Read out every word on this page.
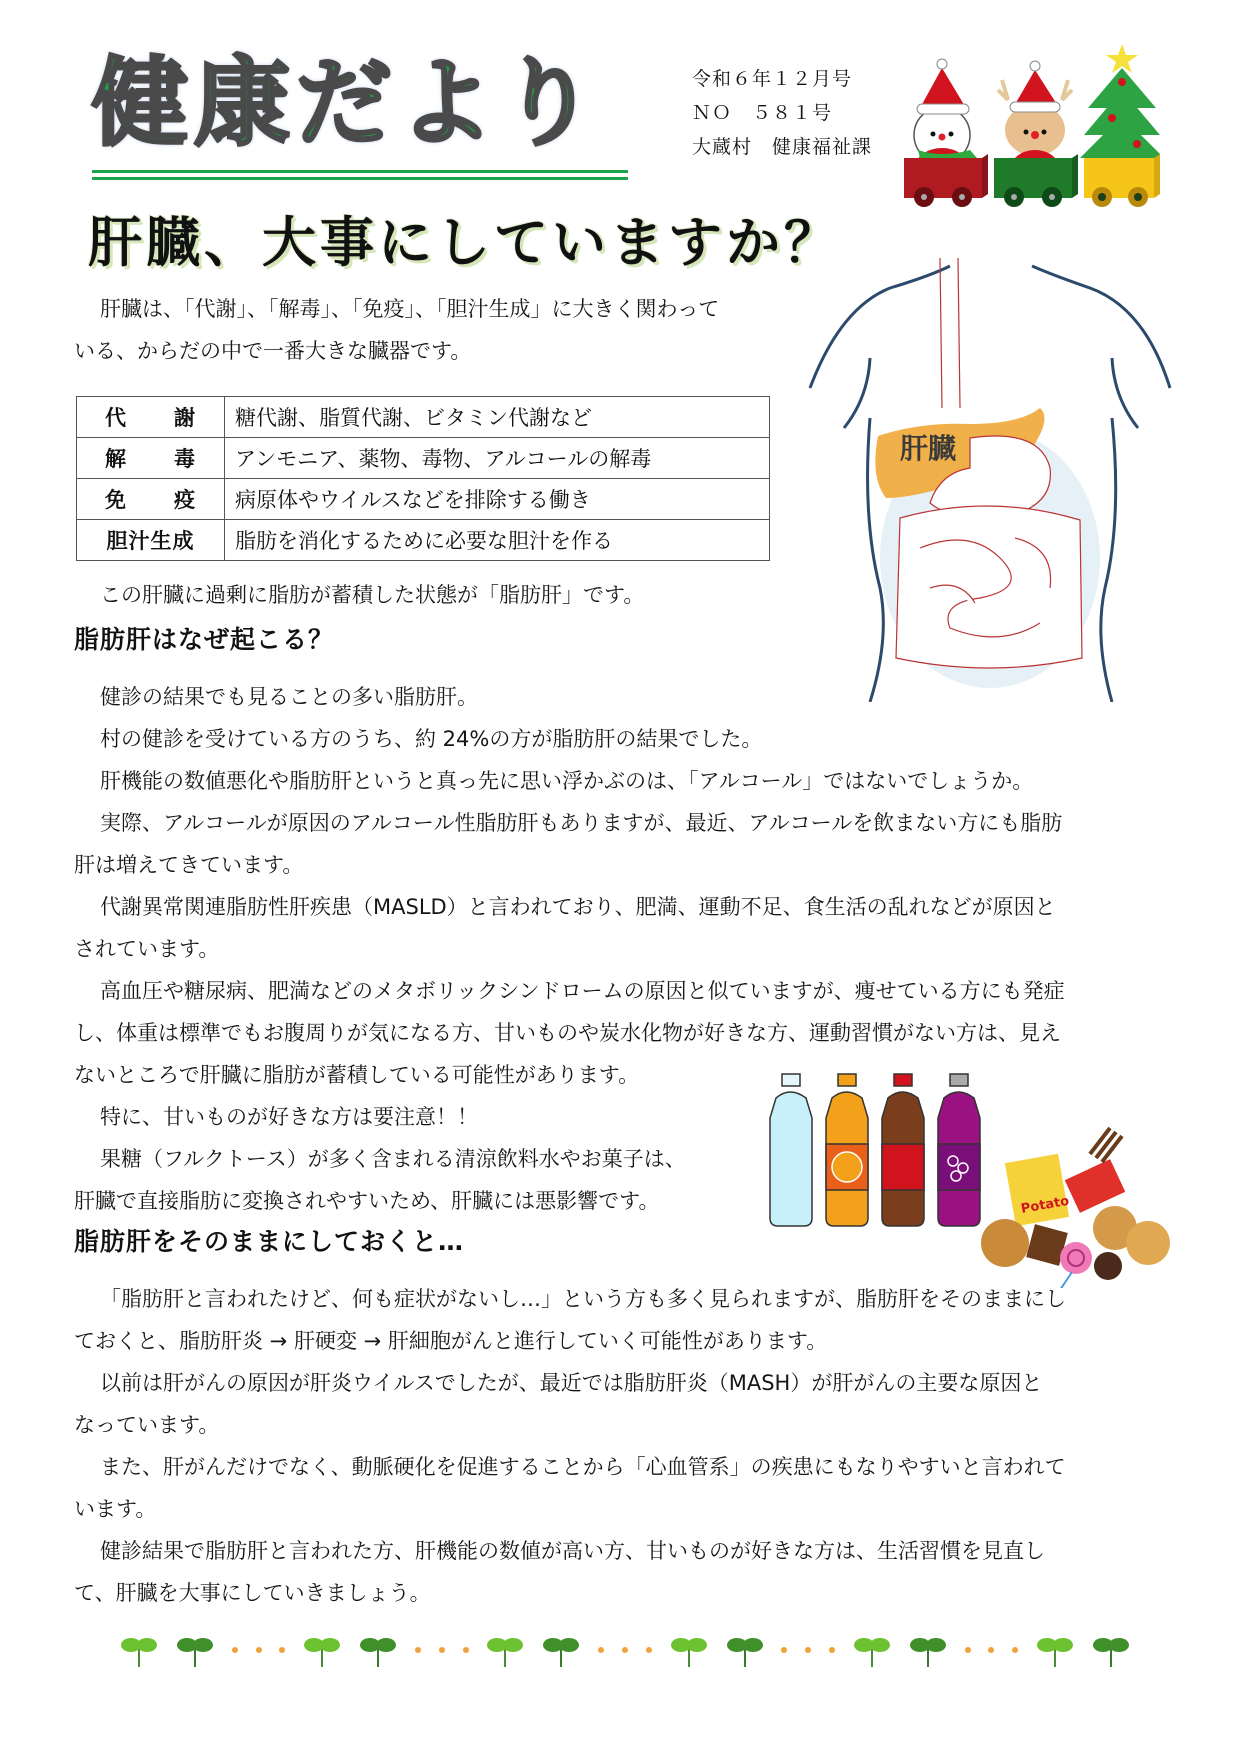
健康だより	令和６年１２月号
ＮＯ　５８１号
大蔵村　健康福祉課
肝臓、大事にしていますか？
肝臓は、「代謝」、「解毒」、「免疫」、「胆汁生成」に大きく関わって
いる、からだの中で一番大きな臓器です。
代 謝	糖代謝、脂質代謝、ビタミン代謝など

解 毒	アンモニア、薬物、毒物、アルコールの解毒

免 疫	病原体やウイルスなどを排除する働き
胆汁生成	脂肪を消化するために必要な胆汁を作る
この肝臓に過剰に脂肪が蓄積した状態が「脂肪肝」です。
肝臓
脂肪肝はなぜ起こる？
健診の結果でも見ることの多い脂肪肝。
村の健診を受けている方のうち、約 24%の方が脂肪肝の結果でした。
肝機能の数値悪化や脂肪肝というと真っ先に思い浮かぶのは、「アルコール」ではないでしょうか。
実際、アルコールが原因のアルコール性脂肪肝もありますが、最近、アルコールを飲まない方にも脂肪
肝は増えてきています。
代謝異常関連脂肪性肝疾患（MASLD）と言われており、肥満、運動不足、食生活の乱れなどが原因と
されています。
高血圧や糖尿病、肥満などのメタボリックシンドロームの原因と似ていますが、痩せている方にも発症
し、体重は標準でもお腹周りが気になる方、甘いものや炭水化物が好きな方、運動習慣がない方は、見え
ないところで肝臓に脂肪が蓄積している可能性があります。
特に、甘いものが好きな方は要注意！！
果糖（フルクトース）が多く含まれる清涼飲料水やお菓子は、
肝臓で直接脂肪に変換されやすいため、肝臓には悪影響です。	Potato
脂肪肝をそのままにしておくと…
「脂肪肝と言われたけど、何も症状がないし…」という方も多く見られますが、脂肪肝をそのままにし
ておくと、脂肪肝炎 → 肝硬変 → 肝細胞がんと進行していく可能性があります。
以前は肝がんの原因が肝炎ウイルスでしたが、最近では脂肪肝炎（MASH）が肝がんの主要な原因と
なっています。
また、肝がんだけでなく、動脈硬化を促進することから「心血管系」の疾患にもなりやすいと言われて
います。
健診結果で脂肪肝と言われた方、肝機能の数値が高い方、甘いものが好きな方は、生活習慣を見直し
て、肝臓を大事にしていきましょう。
